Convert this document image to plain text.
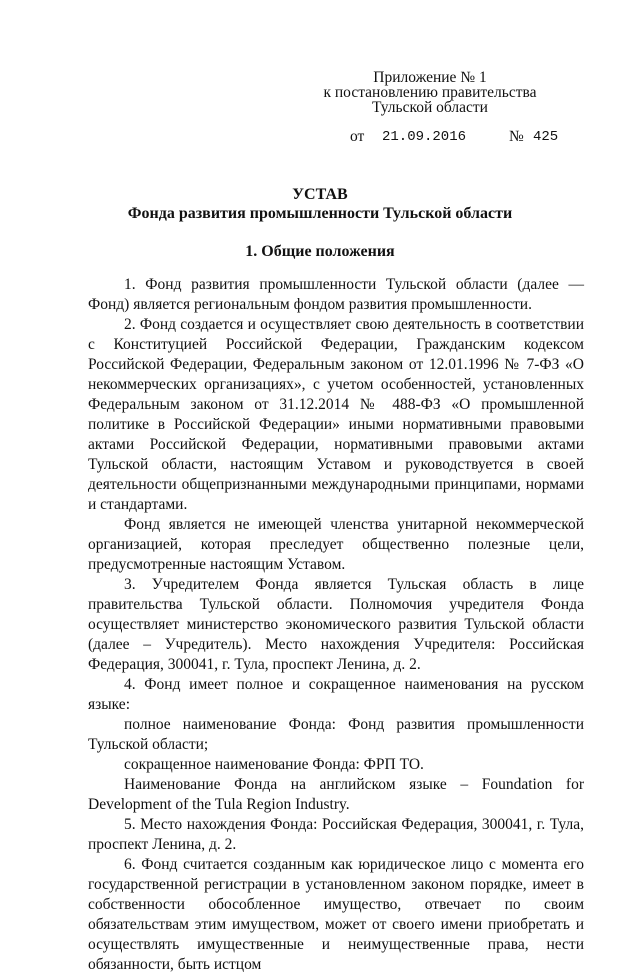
Приложение № 1
к постановлению правительства
Тульской области
от 21.09.2016	№ 425
УСТАВ
Фонда развития промышленности Тульской области
1. Общие положения

1. Фонд развития промышленности Тульской области (далее — Фонд) является региональным фондом развития промышленности.

2. Фонд создается и осуществляет свою деятельность в соответствии с Конституцией Российской Федерации, Гражданским кодексом Российской Федерации, Федеральным законом от 12.01.1996 № 7-ФЗ «О некоммерческих организациях», с учетом особенностей, установленных Федеральным законом от 31.12.2014 № 488-ФЗ «О промышленной политике в Российской Федерации» иными нормативными правовыми актами Российской Федерации, нормативными правовыми актами Тульской области, настоящим Уставом и руководствуется в своей деятельности общепризнанными международными принципами, нормами и стандартами.

Фонд является не имеющей членства унитарной некоммерческой организацией, которая преследует общественно полезные цели, предусмотренные настоящим Уставом.

3. Учредителем Фонда является Тульская область в лице правительства Тульской области. Полномочия учредителя Фонда осуществляет министерство экономического развития Тульской области (далее – Учредитель). Место нахождения Учредителя: Российская Федерация, 300041, г. Тула, проспект Ленина, д. 2.

4. Фонд имеет полное и сокращенное наименования на русском языке:

полное наименование Фонда: Фонд развития промышленности Тульской области;

сокращенное наименование Фонда: ФРП ТО.

Наименование Фонда на английском языке – Foundation for Development of the Tula Region Industry.

5. Место нахождения Фонда: Российская Федерация, 300041, г. Тула, проспект Ленина, д. 2.

6. Фонд считается созданным как юридическое лицо с момента его государственной регистрации в установленном законом порядке, имеет в собственности обособленное имущество, отвечает по своим обязательствам этим имуществом, может от своего имени приобретать и осуществлять имущественные и неимущественные права, нести обязанности, быть истцом
